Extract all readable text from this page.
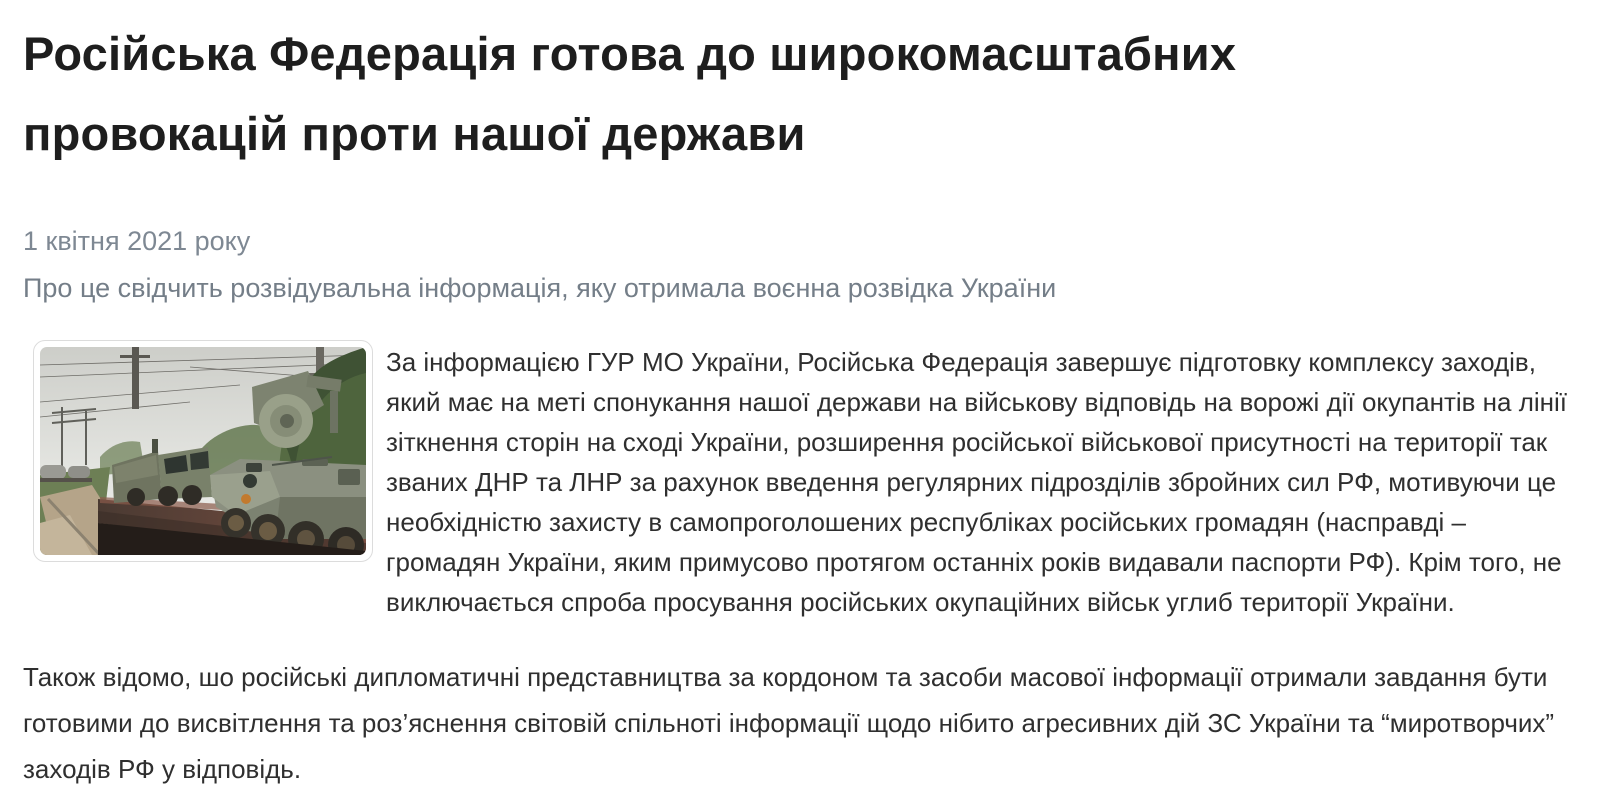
Російська Федерація готова до широкомасштабних
провокацій проти нашої держави
1 квітня 2021 року
Про це свідчить розвідувальна інформація, яку отримала воєнна розвідка України

За інформацією ГУР МО України, Російська Федерація завершує підготовку комплексу заходів, який має на меті спонукання нашої держави на військову відповідь на ворожі дії окупантів на лінії зіткнення сторін на сході України, розширення російської військової присутності на території так званих ДНР та ЛНР за рахунок введення регулярних підрозділів збройних сил РФ, мотивуючи це необхідністю захисту в самопроголошених республіках російських громадян (насправді – громадян України, яким примусово протягом останніх років видавали паспорти РФ). Крім того, не виключається спроба просування російських окупаційних військ углиб території України.

Також відомо, шо російські дипломатичні представництва за кордоном та засоби масової інформації отримали завдання бути готовими до висвітлення та роз’яснення світовій спільноті інформації щодо нібито агресивних дій ЗС України та “миротворчих” заходів РФ у відповідь.
